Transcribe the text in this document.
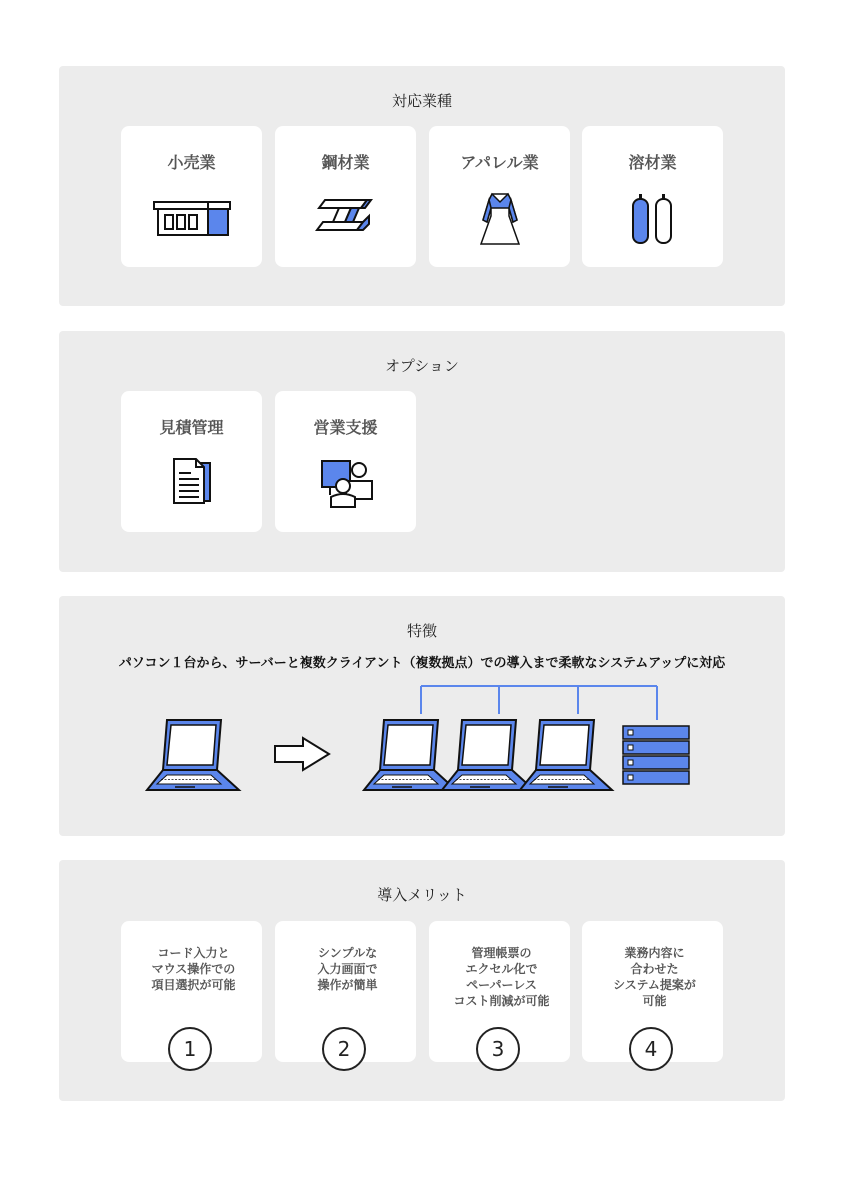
対応業種
小売業	鋼材業	アパレル業	溶材業
オプション
見積管理	営業支援
特徴
パソコン１台から、サーバーと複数クライアント（複数拠点）での導入まで柔軟なシステムアップに対応
導入メリット
コード入力と
マウス操作での
項目選択が可能
1
シンプルな
入力画面で
操作が簡単
2
管理帳票の
エクセル化で
ペーパーレス
コスト削減が可能
3
業務内容に
合わせた
システム提案が
可能
4
